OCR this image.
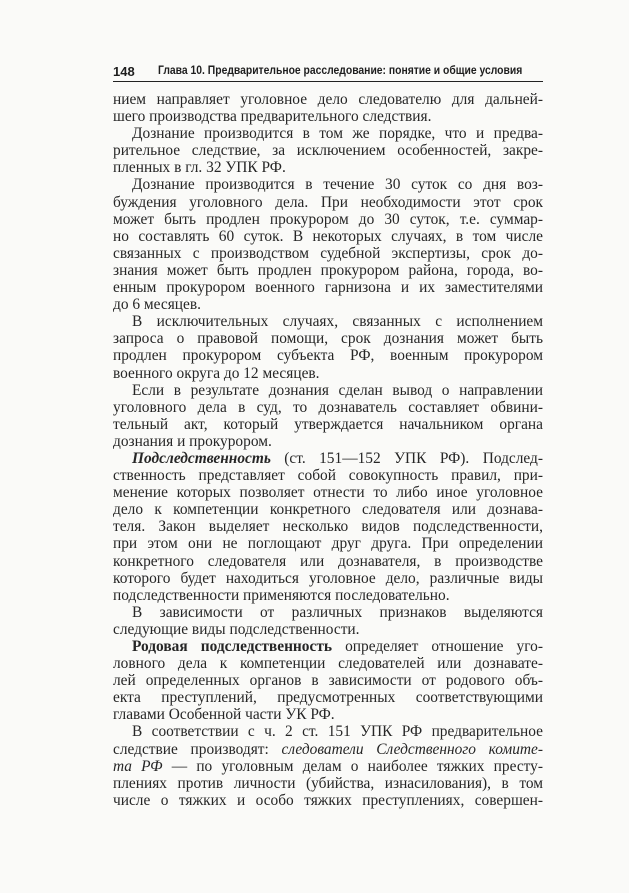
148 Глава 10. Предварительное расследование: понятие и общие условия
нием направляет уголовное дело следователю для дальней-
шего производства предварительного следствия.
Дознание производится в том же порядке, что и предва-
рительное следствие, за исключением особенностей, закре-
пленных в гл. 32 УПК РФ.
Дознание производится в течение 30 суток со дня воз-
буждения уголовного дела. При необходимости этот срок
может быть продлен прокурором до 30 суток, т.е. суммар-
но составлять 60 суток. В некоторых случаях, в том числе
связанных с производством судебной экспертизы, срок до-
знания может быть продлен прокурором района, города, во-
енным прокурором военного гарнизона и их заместителями
до 6 месяцев.
В исключительных случаях, связанных с исполнением
запроса о правовой помощи, срок дознания может быть
продлен прокурором субъекта РФ, военным прокурором
военного округа до 12 месяцев.
Если в результате дознания сделан вывод о направлении
уголовного дела в суд, то дознаватель составляет обвини-
тельный акт, который утверждается начальником органа
дознания и прокурором.
Подследственность (ст. 151—152 УПК РФ). Подслед-
ственность представляет собой совокупность правил, при-
менение которых позволяет отнести то либо иное уголовное
дело к компетенции конкретного следователя или дознава-
теля. Закон выделяет несколько видов подследственности,
при этом они не поглощают друг друга. При определении
конкретного следователя или дознавателя, в производстве
которого будет находиться уголовное дело, различные виды
подследственности применяются последовательно.
В зависимости от различных признаков выделяются
следующие виды подследственности.
Родовая подследственность определяет отношение уго-
ловного дела к компетенции следователей или дознавате-
лей определенных органов в зависимости от родового объ-
екта преступлений, предусмотренных соответствующими
главами Особенной части УК РФ.
В соответствии с ч. 2 ст. 151 УПК РФ предварительное
следствие производят: следователи Следственного комите-
та РФ — по уголовным делам о наиболее тяжких престу-
плениях против личности (убийства, изнасилования), в том
числе о тяжких и особо тяжких преступлениях, совершен-
